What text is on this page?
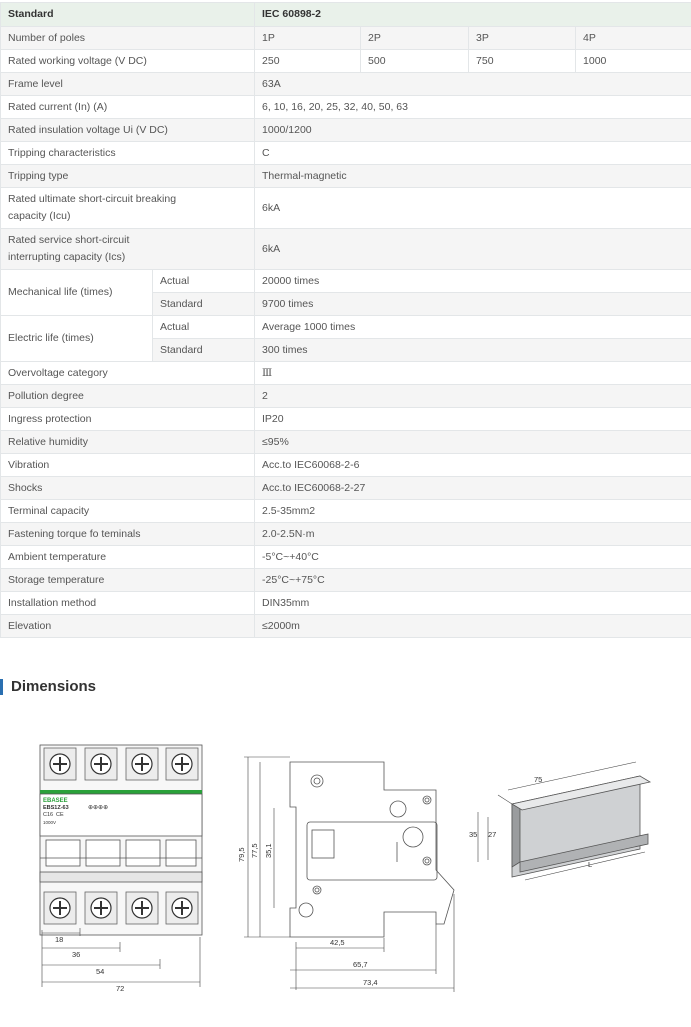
Standard		IEC 60898-2			
Number of poles		1P	2P	3P	4P
Rated working voltage (V DC)		250	500	750	1000
Frame level		63A			
Rated current (In) (A)		6, 10, 16, 20, 25, 32, 40, 50, 63			
Rated insulation voltage Ui (V DC)		1000/1200			
Tripping characteristics		C			
Tripping type		Thermal-magnetic			
Rated ultimate short-circuit breaking
capacity (Icu)		6kA			
Rated service short-circuit
interrupting capacity (Ics)		6kA			
Mechanical life (times)	Actual	20000 times			
	Standard	9700 times			
Electric life (times)	Actual	Average 1000 times			
	Standard	300 times			
Overvoltage category		Ⅲ			
Pollution degree		2			
Ingress protection		IP20			
Relative humidity		≤95%			
Vibration		Acc.to IEC60068-2-6			
Shocks		Acc.to IEC60068-2-27			
Terminal capacity		2.5-35mm2			
Fastening torque fo teminals		2.0-2.5N·m			
Ambient temperature		-5°C~+40°C			
Storage temperature		-25°C~+75°C			
Installation method		DIN35mm			
Elevation		≤2000m			
Dimensions
EBASEE
EBS1Z-63
C16 CE
1000V
⊕⊕⊕⊕
18
36
54
72
79,5 77,5 35,1
42,5
65,7
73,4
75
35 27
L
